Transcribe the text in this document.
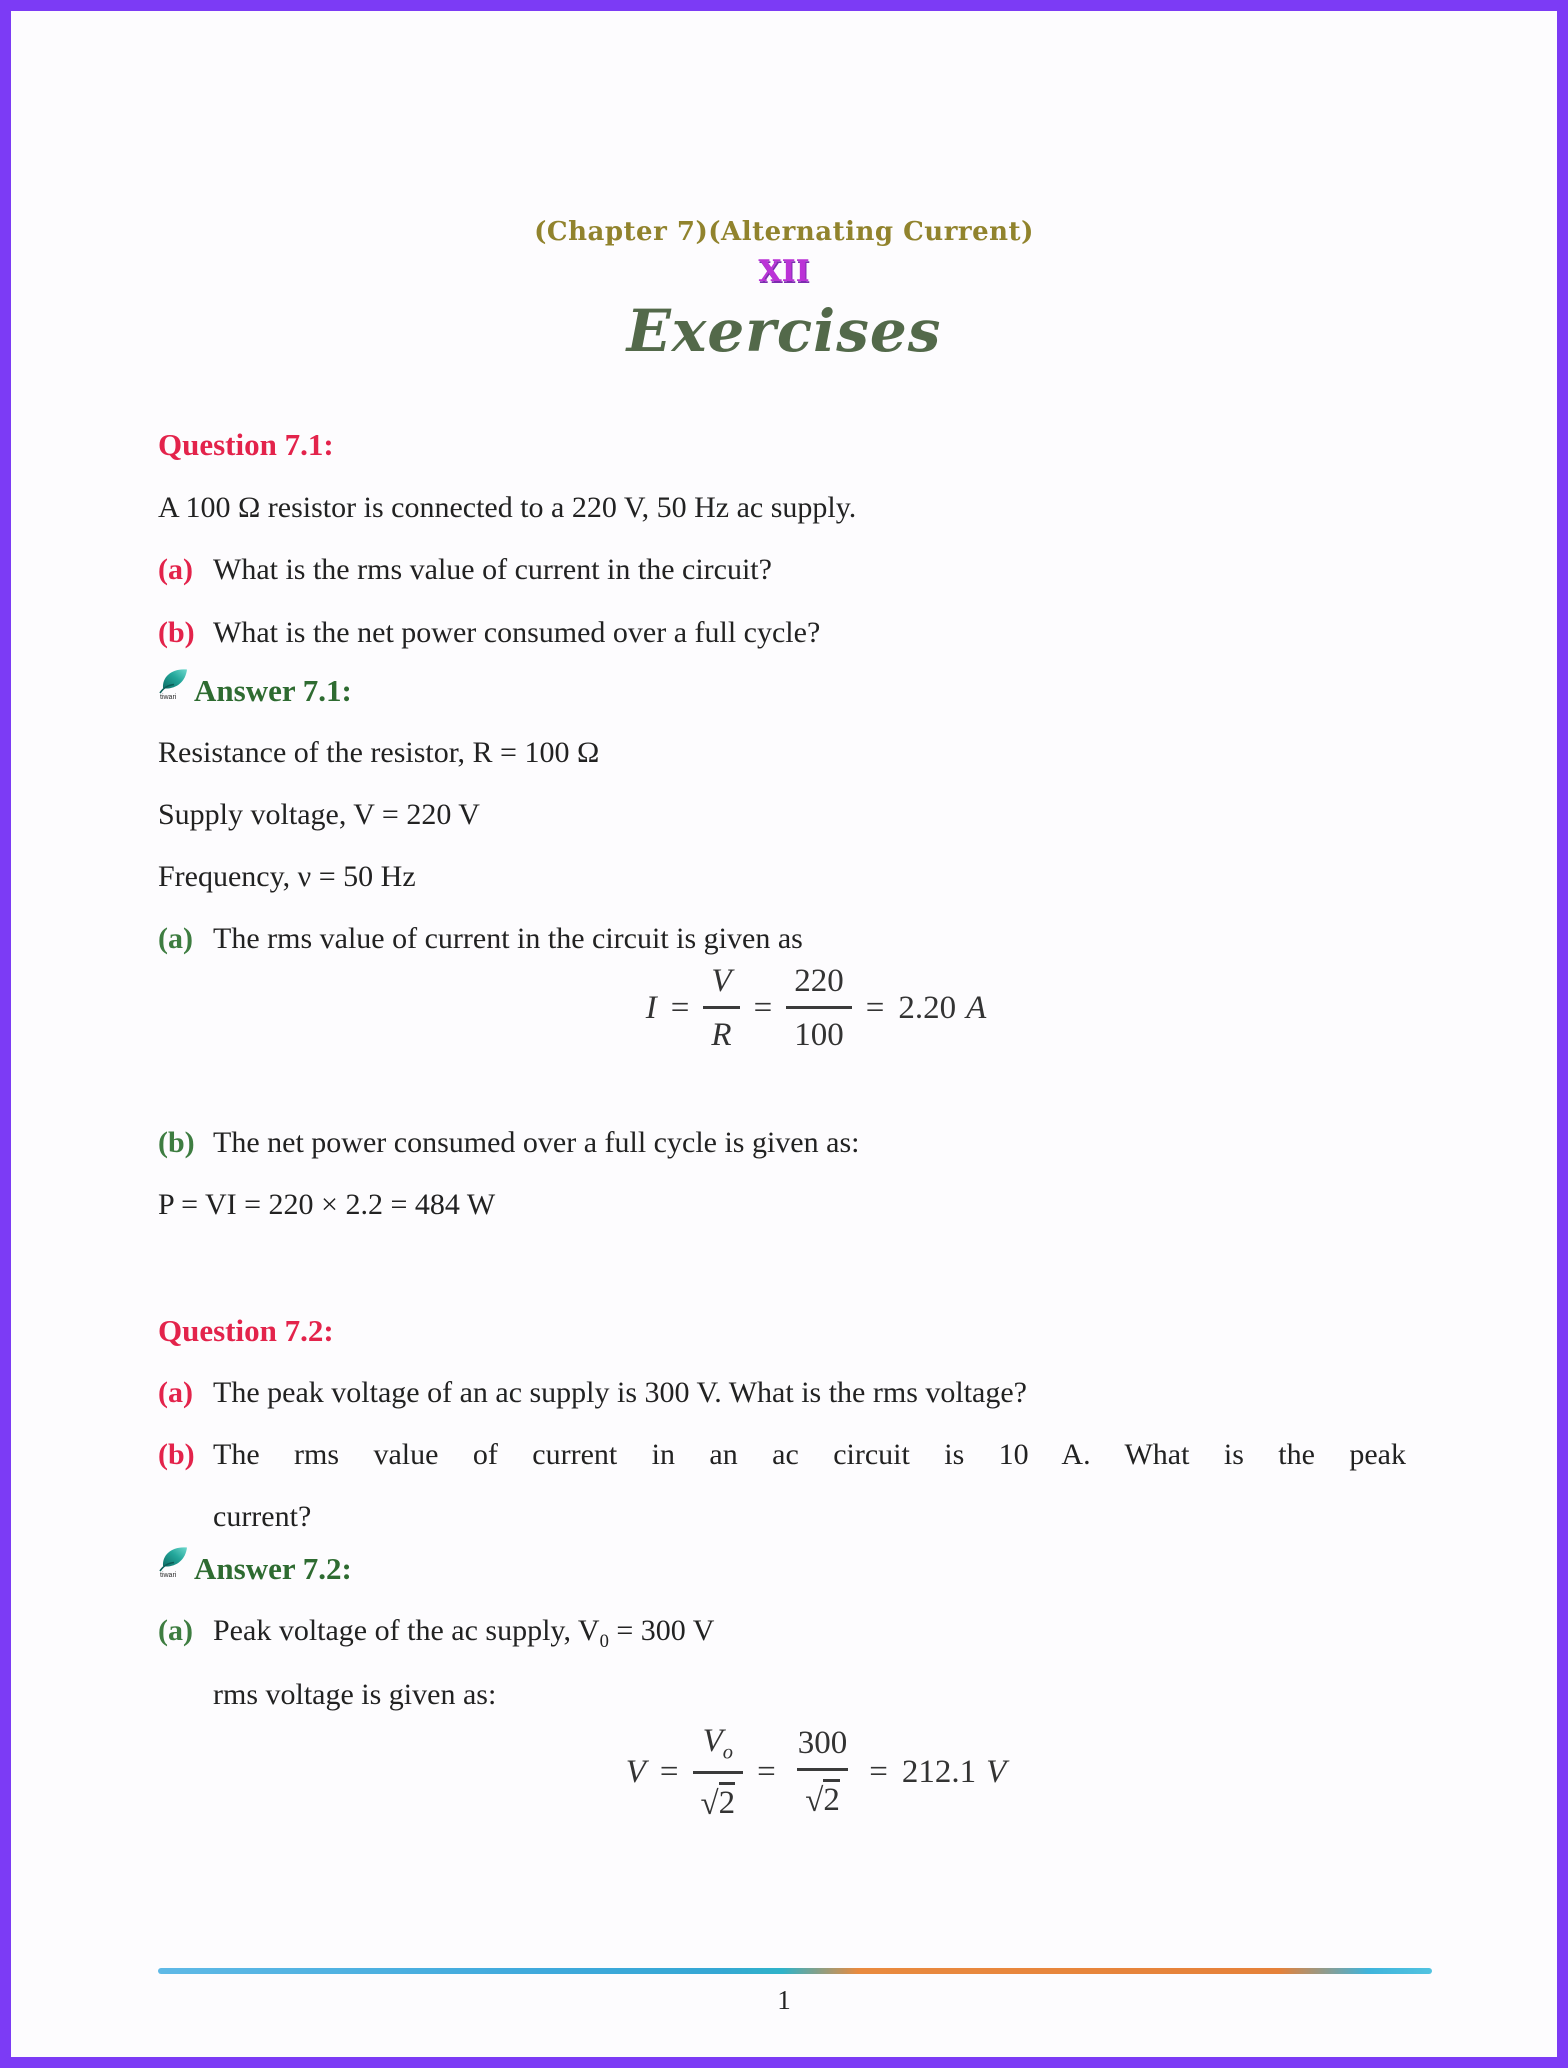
(Chapter 7)(Alternating Current)
XII
Exercises
Question 7.1:
A 100 Ω resistor is connected to a 220 V, 50 Hz ac supply.
(a) What is the rms value of current in the circuit?
(b) What is the net power consumed over a full cycle?
tiwari Answer 7.1:
Resistance of the resistor, R = 100 Ω
Supply voltage, V = 220 V
Frequency, ν = 50 Hz
(a) The rms value of current in the circuit is given as
$I = \frac{V}{R} = \frac{220}{100} = 2.20$ A
(b) The net power consumed over a full cycle is given as:
P = VI = 220 × 2.2 = 484 W
Question 7.2:
(a) The peak voltage of an ac supply is 300 V. What is the rms voltage?
(b) The rms value of current in an ac circuit is 10 A. What is the peak
current?
tiwari Answer 7.2:
(a) Peak voltage of the ac supply, $V_0 = 300$ V
rms voltage is given as:
$V = \frac{V_o}{√2} = \frac{300}{√2} = 212.1$ V
1
